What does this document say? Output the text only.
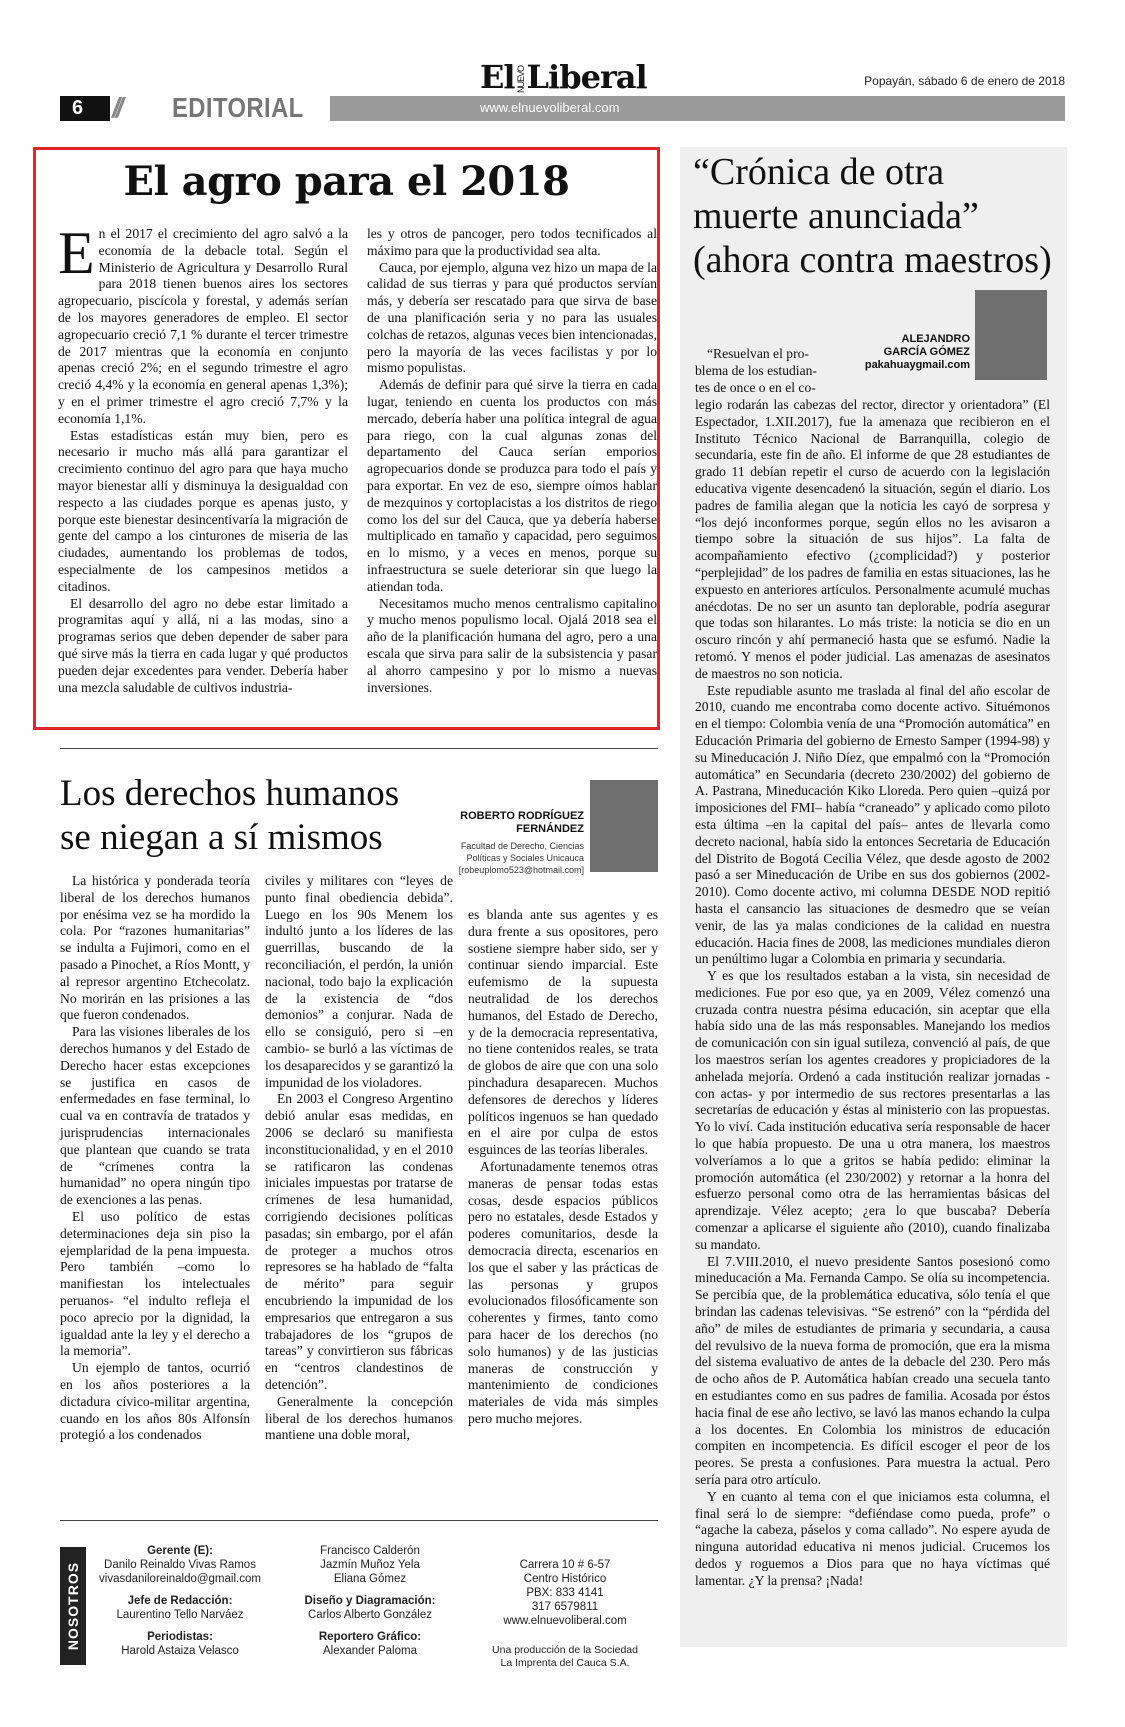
ElNUEVOLiberal	Popayán, sábado 6 de enero de 2018
6	// EDITORIAL	www.elnuevoliberal.com
El agro para el 2018

En el 2017 el crecimiento del agro salvó a la economía de la debacle total. Según el Ministerio de Agricultura y Desarrollo Rural para 2018 tienen buenos aires los sectores agropecuario, piscícola y forestal, y además serían de los mayores generadores de empleo. El sector agropecuario creció 7,1 % durante el tercer trimestre de 2017 mientras que la economía en conjunto apenas creció 2%; en el segundo trimestre el agro creció 4,4% y la economía en general apenas 1,3%); y en el primer trimestre el agro creció 7,7% y la economía 1,1%.

Estas estadísticas están muy bien, pero es necesario ir mucho más allá para garantizar el crecimiento continuo del agro para que haya mucho mayor bienestar allí y disminuya la desigualdad con respecto a las ciudades porque es apenas justo, y porque este bienestar desincentivaría la migración de gente del campo a los cinturones de miseria de las ciudades, aumentando los problemas de todos, especialmente de los campesinos metidos a citadinos.

El desarrollo del agro no debe estar limitado a programitas aquí y allá, ni a las modas, sino a programas serios que deben depender de saber para qué sirve más la tierra en cada lugar y qué productos pueden dejar excedentes para vender. Debería haber una mezcla saludable de cultivos industria-

les y otros de pancoger, pero todos tecnificados al máximo para que la productividad sea alta.

Cauca, por ejemplo, alguna vez hizo un mapa de la calidad de sus tierras y para qué productos servían más, y debería ser rescatado para que sirva de base de una planificación seria y no para las usuales colchas de retazos, algunas veces bien intencionadas, pero la mayoría de las veces facilistas y por lo mismo populistas.

Además de definir para qué sirve la tierra en cada lugar, teniendo en cuenta los productos con más mercado, debería haber una política integral de agua para riego, con la cual algunas zonas del departamento del Cauca serían emporios agropecuarios donde se produzca para todo el país y para exportar. En vez de eso, siempre oímos hablar de mezquinos y cortoplacistas a los distritos de riego como los del sur del Cauca, que ya debería haberse multiplicado en tamaño y capacidad, pero seguimos en lo mismo, y a veces en menos, porque su infraestructura se suele deteriorar sin que luego la atiendan toda.

Necesitamos mucho menos centralismo capitalino y mucho menos populismo local. Ojalá 2018 sea el año de la planificación humana del agro, pero a una escala que sirva para salir de la subsistencia y pasar al ahorro campesino y por lo mismo a nuevas inversiones.

“Crónica de otra muerte anunciada” (ahora contra maestros)
ALEJANDRO
GARCÍA GÓMEZ
pakahuaygmail.com
“Resuelvan el pro-
blema de los estudian-
tes de once o en el co-

legio rodarán las cabezas del rector, director y orientadora” (El Espectador, 1.XII.2017), fue la amenaza que recibieron en el Instituto Técnico Nacional de Barranquilla, colegio de secundaria, este fin de año. El informe de que 28 estudiantes de grado 11 debían repetir el curso de acuerdo con la legislación educativa vigente desencadenó la situación, según el diario. Los padres de familia alegan que la noticia les cayó de sorpresa y “los dejó inconformes porque, según ellos no les avisaron a tiempo sobre la situación de sus hijos”. La falta de acompañamiento efectivo (¿complicidad?) y posterior “perplejidad” de los padres de familia en estas situaciones, las he expuesto en anteriores artículos. Personalmente acumulé muchas anécdotas. De no ser un asunto tan deplorable, podría asegurar que todas son hilarantes. Lo más triste: la noticia se dio en un oscuro rincón y ahí permaneció hasta que se esfumó. Nadie la retomó. Y menos el poder judicial. Las amenazas de asesinatos de maestros no son noticia.

Este repudiable asunto me traslada al final del año escolar de 2010, cuando me encontraba como docente activo. Situémonos en el tiempo: Colombia venía de una “Promoción automática” en Educación Primaria del gobierno de Ernesto Samper (1994-98) y su Mineducación J. Niño Díez, que empalmó con la “Promoción automática” en Secundaria (decreto 230/2002) del gobierno de A. Pastrana, Mineducación Kiko Lloreda. Pero quien –quizá por imposiciones del FMI– había “craneado” y aplicado como piloto esta última –en la capital del país– antes de llevarla como decreto nacional, había sido la entonces Secretaria de Educación del Distrito de Bogotá Cecilia Vélez, que desde agosto de 2002 pasó a ser Mineducación de Uribe en sus dos gobiernos (2002-2010). Como docente activo, mi columna DESDE NOD repitió hasta el cansancio las situaciones de desmedro que se veían venir, de las ya malas condiciones de la calidad en nuestra educación. Hacia fines de 2008, las mediciones mundiales dieron un penúltimo lugar a Colombia en primaria y secundaria.

Y es que los resultados estaban a la vista, sin necesidad de mediciones. Fue por eso que, ya en 2009, Vélez comenzó una cruzada contra nuestra pésima educación, sin aceptar que ella había sido una de las más responsables. Manejando los medios de comunicación con sin igual sutileza, convenció al país, de que los maestros serían los agentes creadores y propiciadores de la anhelada mejoría. Ordenó a cada institución realizar jornadas -con actas- y por intermedio de sus rectores presentarlas a las secretarías de educación y éstas al ministerio con las propuestas. Yo lo viví. Cada institución educativa sería responsable de hacer lo que había propuesto. De una u otra manera, los maestros volveríamos a lo que a gritos se había pedido: eliminar la promoción automática (el 230/2002) y retornar a la honra del esfuerzo personal como otra de las herramientas básicas del aprendizaje. Vélez acepto; ¿era lo que buscaba? Debería comenzar a aplicarse el siguiente año (2010), cuando finalizaba su mandato.

El 7.VIII.2010, el nuevo presidente Santos posesionó como mineducación a Ma. Fernanda Campo. Se olía su incompetencia. Se percibía que, de la problemática educativa, sólo tenía el que brindan las cadenas televisivas. “Se estrenó” con la “pérdida del año” de miles de estudiantes de primaria y secundaria, a causa del revulsivo de la nueva forma de promoción, que era la misma del sistema evaluativo de antes de la debacle del 230. Pero más de ocho años de P. Automática habían creado una secuela tanto en estudiantes como en sus padres de familia. Acosada por éstos hacia final de ese año lectivo, se lavó las manos echando la culpa a los docentes. En Colombia los ministros de educación compiten en incompetencia. Es difícil escoger el peor de los peores. Se presta a confusiones. Para muestra la actual. Pero sería para otro artículo.

Y en cuanto al tema con el que iniciamos esta columna, el final será lo de siempre: “defiéndase como pueda, profe” o “agache la cabeza, páselos y coma callado”. No espere ayuda de ninguna autoridad educativa ni menos judicial. Crucemos los dedos y roguemos a Dios para que no haya víctimas qué lamentar. ¿Y la prensa? ¡Nada!

Los derechos humanos
se niegan a sí mismos
ROBERTO RODRÍGUEZ
FERNÁNDEZ
Facultad de Derecho, Ciencias
Políticas y Sociales Unicauca
[robeuplomo523@hotmail.com]

La histórica y ponderada teoría liberal de los derechos humanos por enésima vez se ha mordido la cola. Por “razones humanitarias” se indulta a Fujimori, como en el pasado a Pinochet, a Ríos Montt, y al represor argentino Etchecolatz. No morirán en las prisiones a las que fueron condenados.

Para las visiones liberales de los derechos humanos y del Estado de Derecho hacer estas excepciones se justifica en casos de enfermedades en fase terminal, lo cual va en contravía de tratados y jurisprudencias internacionales que plantean que cuando se trata de “crímenes contra la humanidad” no opera ningún tipo de exenciones a las penas.

El uso político de estas determinaciones deja sin piso la ejemplaridad de la pena impuesta. Pero también –como lo manifiestan los intelectuales peruanos- “el indulto refleja el poco aprecio por la dignidad, la igualdad ante la ley y el derecho a la memoria”.

Un ejemplo de tantos, ocurrió en los años posteriores a la dictadura cívico-militar argentina, cuando en los años 80s Alfonsín protegió a los condenados

civiles y militares con “leyes de punto final obediencia debida”. Luego en los 90s Menem los indultó junto a los líderes de las guerrillas, buscando de la reconciliación, el perdón, la unión nacional, todo bajo la explicación de la existencia de “dos demonios” a conjurar. Nada de ello se consiguió, pero si –en cambio- se burló a las víctimas de los desaparecidos y se garantizó la impunidad de los violadores.

En 2003 el Congreso Argentino debió anular esas medidas, en 2006 se declaró su manifiesta inconstitucionalidad, y en el 2010 se ratificaron las condenas iniciales impuestas por tratarse de crímenes de lesa humanidad, corrigiendo decisiones políticas pasadas; sin embargo, por el afán de proteger a muchos otros represores se ha hablado de “falta de mérito” para seguir encubriendo la impunidad de los empresarios que entregaron a sus trabajadores de los “grupos de tareas” y convirtieron sus fábricas en “centros clandestinos de detención”.

Generalmente la concepción liberal de los derechos humanos mantiene una doble moral,

es blanda ante sus agentes y es dura frente a sus opositores, pero sostiene siempre haber sido, ser y continuar siendo imparcial. Este eufemismo de la supuesta neutralidad de los derechos humanos, del Estado de Derecho, y de la democracia representativa, no tiene contenidos reales, se trata de globos de aire que con una solo pinchadura desaparecen. Muchos defensores de derechos y líderes políticos ingenuos se han quedado en el aire por culpa de estos esguinces de las teorías liberales.

Afortunadamente tenemos otras maneras de pensar todas estas cosas, desde espacios públicos pero no estatales, desde Estados y poderes comunitarios, desde la democracia directa, escenarios en los que el saber y las prácticas de las personas y grupos evolucionados filosóficamente son coherentes y firmes, tanto como para hacer de los derechos (no solo humanos) y de las justicias maneras de construcción y mantenimiento de condiciones materiales de vida más simples pero mucho mejores.

NOSOTROS
Gerente (E):
Danilo Reinaldo Vivas Ramos
vivasdaniloreinaldo@gmail.com
Jefe de Redacción:
Laurentino Tello Narváez
Periodistas:
Harold Astaiza Velasco
Francisco Calderón
Jazmín Muñoz Yela
Eliana Gómez
Diseño y Diagramación:
Carlos Alberto González
Reportero Gráfico:
Alexander Paloma
Carrera 10 # 6-57
Centro Histórico
PBX: 833 4141
317 6579811
www.elnuevoliberal.com
Una producción de la Sociedad
La Imprenta del Cauca S.A.
